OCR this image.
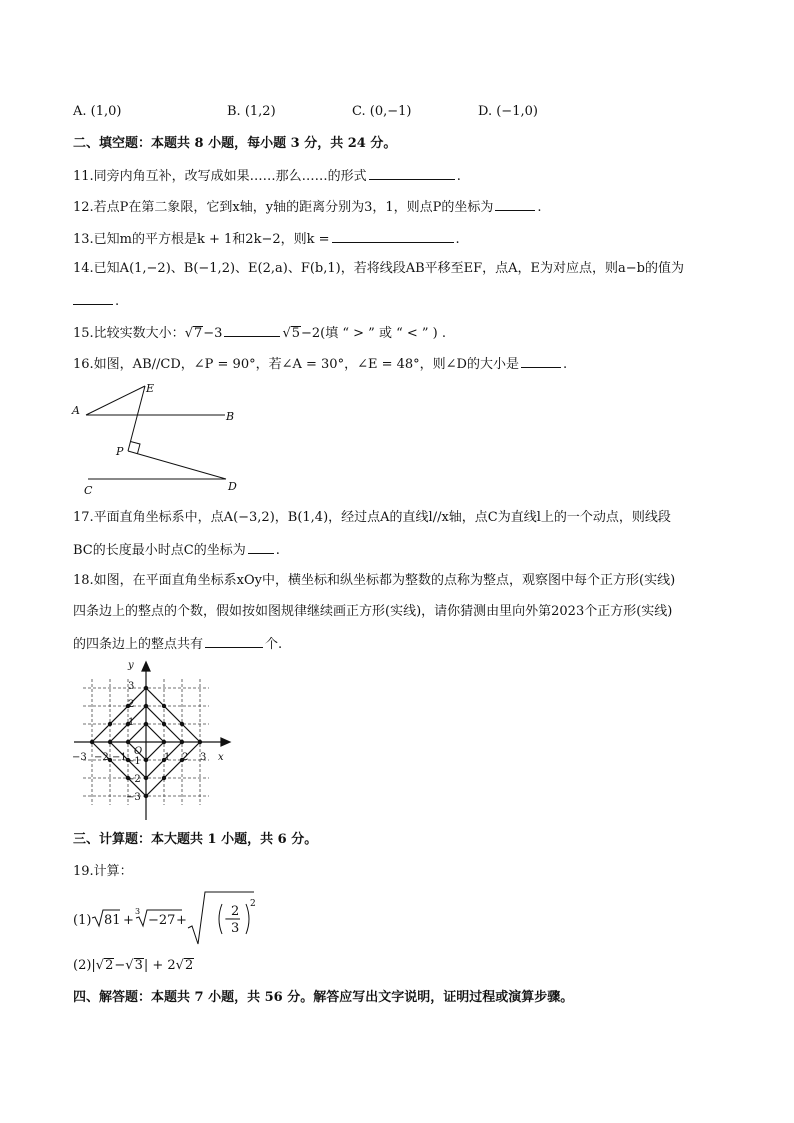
A. (1,0)	B. (1,2)	C. (0,−1)	D. (−1,0)
二、填空题：本题共 8 小题，每小题 3 分，共 24 分。
11.同旁内角互补，改写成如果……那么……的形式	.
12.若点P在第二象限，它到x轴，y轴的距离分别为3，1，则点P的坐标为	.
13.已知m的平方根是k + 1和2k−2，则k =	.
14.已知A(1,−2)、B(−1,2)、E(2,a)、F(b,1)，若将线段AB平移至EF，点A，E为对应点，则a−b的值为
.
15.比较实数大小：√7−3	√5−2(填 “ > ” 或 “ < ” ) .
16.如图，AB//CD，∠P = 90°，若∠A = 30°，∠E = 48°，则∠D的大小是	.
A	B
C	D
E
P
17.平面直角坐标系中，点A(−3,2)，B(1,4)，经过点A的直线l//x轴，点C为直线l上的一个动点，则线段
BC的长度最小时点C的坐标为 .
18.如图，在平面直角坐标系xOy中，横坐标和纵坐标都为整数的点称为整点，观察图中每个正方形(实线)
四条边上的整点的个数，假如按如图规律继续画正方形(实线)，请你猜测由里向外第2023个正方形(实线)
的四条边上的整点共有	个.
y
x
O
−3 −2 −1	1 2 3
3
2
1
−1
−2
−3
三、计算题：本大题共 1 小题，共 6 分。
19.计算：
(1) 81 +
3
−27 +	−
2
3
2
(2)|√2−√3| + 2√2
四、解答题：本题共 7 小题，共 56 分。解答应写出文字说明，证明过程或演算步骤。
